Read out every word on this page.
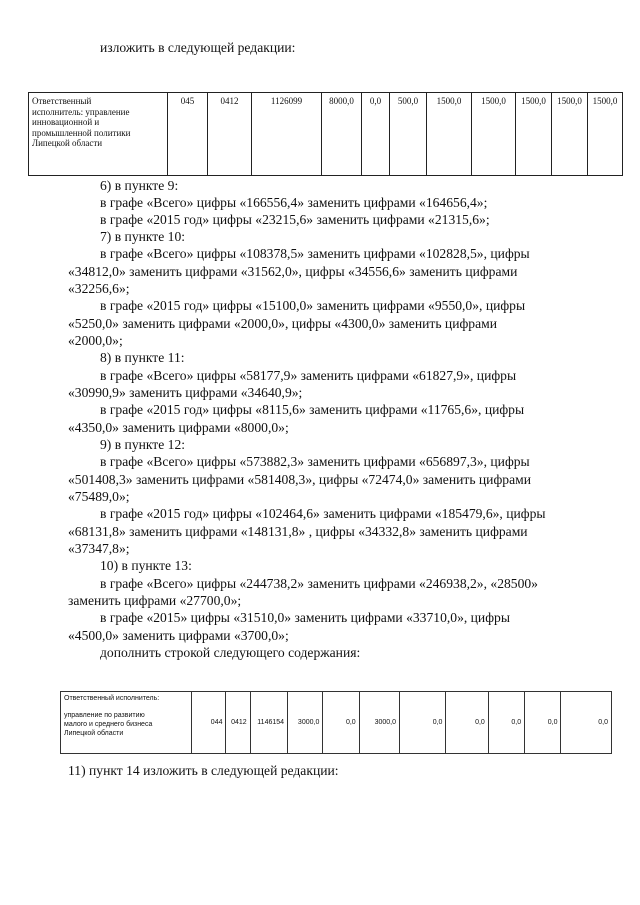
изложить в следующей редакции:
Ответственный
исполнитель: управление
инновационной и
промышленной политики
Липецкой области
	045	0412	1126099	8000,0	0,0	500,0	1500,0	1500,0	1500,0	1500,0	1500,0
6) в пункте 9:
в графе «Всего» цифры «166556,4» заменить цифрами «164656,4»;
в графе «2015 год» цифры «23215,6» заменить цифрами «21315,6»;
7) в пункте 10:
в графе «Всего» цифры «108378,5» заменить цифрами «102828,5», цифры
«34812,0» заменить цифрами «31562,0», цифры «34556,6» заменить цифрами
«32256,6»;
в графе «2015 год» цифры «15100,0» заменить цифрами «9550,0», цифры
«5250,0» заменить цифрами «2000,0», цифры «4300,0» заменить цифрами
«2000,0»;
8) в пункте 11:
в графе «Всего» цифры «58177,9» заменить цифрами «61827,9», цифры
«30990,9» заменить цифрами «34640,9»;
в графе «2015 год» цифры «8115,6» заменить цифрами «11765,6», цифры
«4350,0» заменить цифрами «8000,0»;
9) в пункте 12:
в графе «Всего» цифры «573882,3» заменить цифрами «656897,3», цифры
«501408,3» заменить цифрами «581408,3», цифры «72474,0» заменить цифрами
«75489,0»;
в графе «2015 год» цифры «102464,6» заменить цифрами «185479,6», цифры
«68131,8» заменить цифрами «148131,8» , цифры «34332,8» заменить цифрами
«37347,8»;
10) в пункте 13:
в графе «Всего» цифры «244738,2» заменить цифрами «246938,2», «28500»
заменить цифрами «27700,0»;
в графе «2015» цифры «31510,0» заменить цифрами «33710,0», цифры
«4500,0» заменить цифрами «3700,0»;
дополнить строкой следующего содержания:
Ответственный исполнитель:
управление по развитию
малого и среднего бизнеса
Липецкой области
	044	0412	1146154	3000,0	0,0	3000,0	0,0	0,0	0,0	0,0	0,0
11) пункт 14 изложить в следующей редакции:
